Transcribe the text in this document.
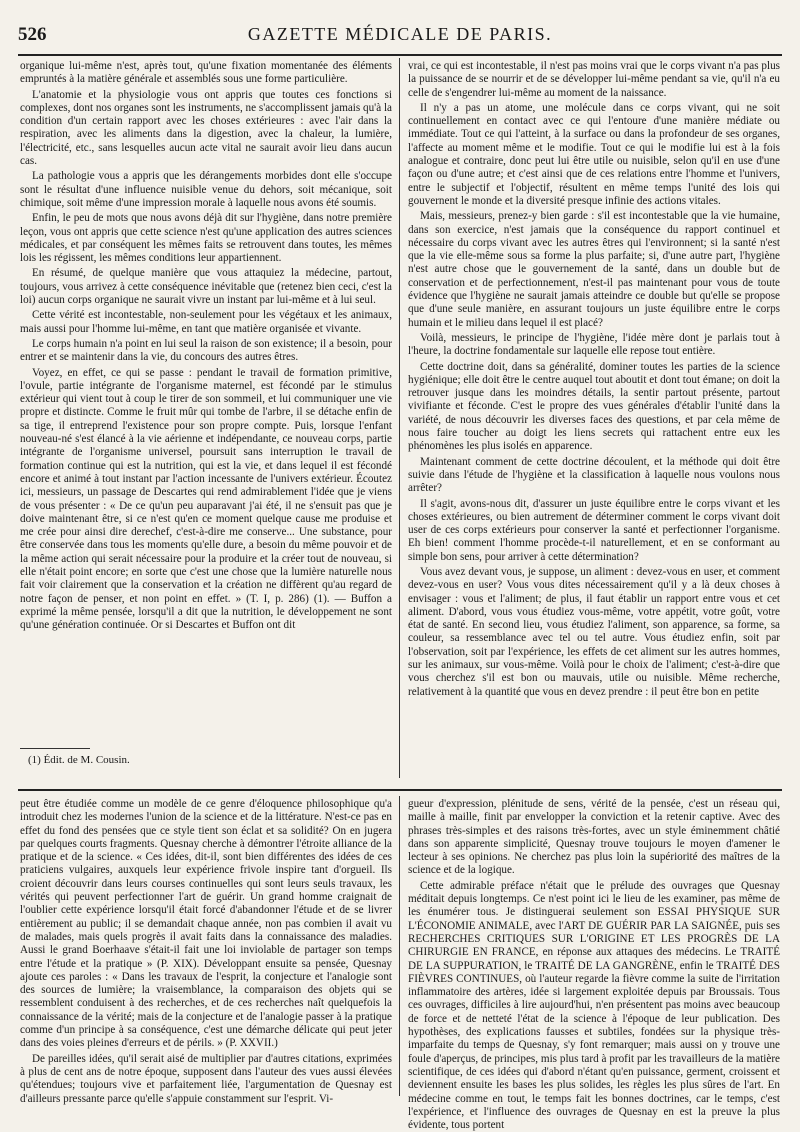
526	GAZETTE MÉDICALE DE PARIS.

organique lui-même n'est, après tout, qu'une fixation momentanée des éléments empruntés à la matière générale et assemblés sous une forme particulière.

L'anatomie et la physiologie vous ont appris que toutes ces fonctions si complexes, dont nos organes sont les instruments, ne s'accomplissent jamais qu'à la condition d'un certain rapport avec les choses extérieures : avec l'air dans la respiration, avec les aliments dans la digestion, avec la chaleur, la lumière, l'électricité, etc., sans lesquelles aucun acte vital ne saurait avoir lieu dans aucun cas.

La pathologie vous a appris que les dérangements morbides dont elle s'occupe sont le résultat d'une influence nuisible venue du dehors, soit mécanique, soit chimique, soit même d'une impression morale à laquelle nous avons été soumis.

Enfin, le peu de mots que nous avons déjà dit sur l'hygiène, dans notre première leçon, vous ont appris que cette science n'est qu'une application des autres sciences médicales, et par conséquent les mêmes faits se retrouvent dans toutes, les mêmes lois les régissent, les mêmes conditions leur appartiennent.

En résumé, de quelque manière que vous attaquiez la médecine, partout, toujours, vous arrivez à cette conséquence inévitable que (retenez bien ceci, c'est la loi) aucun corps organique ne saurait vivre un instant par lui-même et à lui seul.

Cette vérité est incontestable, non-seulement pour les végétaux et les animaux, mais aussi pour l'homme lui-même, en tant que matière organisée et vivante.

Le corps humain n'a point en lui seul la raison de son existence; il a besoin, pour entrer et se maintenir dans la vie, du concours des autres êtres.

Voyez, en effet, ce qui se passe : pendant le travail de formation primitive, l'ovule, partie intégrante de l'organisme maternel, est fécondé par le stimulus extérieur qui vient tout à coup le tirer de son sommeil, et lui communiquer une vie propre et distincte. Comme le fruit mûr qui tombe de l'arbre, il se détache enfin de sa tige, il entreprend l'existence pour son propre compte. Puis, lorsque l'enfant nouveau-né s'est élancé à la vie aérienne et indépendante, ce nouveau corps, partie intégrante de l'organisme universel, poursuit sans interruption le travail de formation continue qui est la nutrition, qui est la vie, et dans lequel il est fécondé encore et animé à tout instant par l'action incessante de l'univers extérieur. Écoutez ici, messieurs, un passage de Descartes qui rend admirablement l'idée que je viens de vous présenter : « De ce qu'un peu auparavant j'ai été, il ne s'ensuit pas que je doive maintenant être, si ce n'est qu'en ce moment quelque cause me produise et me crée pour ainsi dire derechef, c'est-à-dire me conserve... Une substance, pour être conservée dans tous les moments qu'elle dure, a besoin du même pouvoir et de la même action qui serait nécessaire pour la produire et la créer tout de nouveau, si elle n'était point encore; en sorte que c'est une chose que la lumière naturelle nous fait voir clairement que la conservation et la création ne diffèrent qu'au regard de notre façon de penser, et non point en effet. » (T. I, p. 286) (1). — Buffon a exprimé la même pensée, lorsqu'il a dit que la nutrition, le développement ne sont qu'une génération continuée. Or si Descartes et Buffon ont dit

(1) Édit. de M. Cousin.

vrai, ce qui est incontestable, il n'est pas moins vrai que le corps vivant n'a pas plus la puissance de se nourrir et de se développer lui-même pendant sa vie, qu'il n'a eu celle de s'engendrer lui-même au moment de la naissance.

Il n'y a pas un atome, une molécule dans ce corps vivant, qui ne soit continuellement en contact avec ce qui l'entoure d'une manière médiate ou immédiate. Tout ce qui l'atteint, à la surface ou dans la profondeur de ses organes, l'affecte au moment même et le modifie. Tout ce qui le modifie lui est à la fois analogue et contraire, donc peut lui être utile ou nuisible, selon qu'il en use d'une façon ou d'une autre; et c'est ainsi que de ces relations entre l'homme et l'univers, entre le subjectif et l'objectif, résultent en même temps l'unité des lois qui gouvernent le monde et la diversité presque infinie des actions vitales.

Mais, messieurs, prenez-y bien garde : s'il est incontestable que la vie humaine, dans son exercice, n'est jamais que la conséquence du rapport continuel et nécessaire du corps vivant avec les autres êtres qui l'environnent; si la santé n'est que la vie elle-même sous sa forme la plus parfaite; si, d'une autre part, l'hygiène n'est autre chose que le gouvernement de la santé, dans un double but de conservation et de perfectionnement, n'est-il pas maintenant pour vous de toute évidence que l'hygiène ne saurait jamais atteindre ce double but qu'elle se propose que d'une seule manière, en assurant toujours un juste équilibre entre le corps humain et le milieu dans lequel il est placé?

Voilà, messieurs, le principe de l'hygiène, l'idée mère dont je parlais tout à l'heure, la doctrine fondamentale sur laquelle elle repose tout entière.

Cette doctrine doit, dans sa généralité, dominer toutes les parties de la science hygiénique; elle doit être le centre auquel tout aboutit et dont tout émane; on doit la retrouver jusque dans les moindres détails, la sentir partout présente, partout vivifiante et féconde. C'est le propre des vues générales d'établir l'unité dans la variété, de nous découvrir les diverses faces des questions, et par cela même de nous faire toucher au doigt les liens secrets qui rattachent entre eux les phénomènes les plus isolés en apparence.

Maintenant comment de cette doctrine découlent, et la méthode qui doit être suivie dans l'étude de l'hygiène et la classification à laquelle nous voulons nous arrêter?

Il s'agit, avons-nous dit, d'assurer un juste équilibre entre le corps vivant et les choses extérieures, ou bien autrement de déterminer comment le corps vivant doit user de ces corps extérieurs pour conserver la santé et perfectionner l'organisme. Eh bien! comment l'homme procède-t-il naturellement, et en se conformant au simple bon sens, pour arriver à cette détermination?

Vous avez devant vous, je suppose, un aliment : devez-vous en user, et comment devez-vous en user? Vous vous dites nécessairement qu'il y a là deux choses à envisager : vous et l'aliment; de plus, il faut établir un rapport entre vous et cet aliment. D'abord, vous vous étudiez vous-même, votre appétit, votre goût, votre état de santé. En second lieu, vous étudiez l'aliment, son apparence, sa forme, sa couleur, sa ressemblance avec tel ou tel autre. Vous étudiez enfin, soit par l'observation, soit par l'expérience, les effets de cet aliment sur les autres hommes, sur les animaux, sur vous-même. Voilà pour le choix de l'aliment; c'est-à-dire que vous cherchez s'il est bon ou mauvais, utile ou nuisible. Même recherche, relativement à la quantité que vous en devez prendre : il peut être bon en petite

peut être étudiée comme un modèle de ce genre d'éloquence philosophique qu'a introduit chez les modernes l'union de la science et de la littérature. N'est-ce pas en effet du fond des pensées que ce style tient son éclat et sa solidité? On en jugera par quelques courts fragments. Quesnay cherche à démontrer l'étroite alliance de la pratique et de la science. « Ces idées, dit-il, sont bien différentes des idées de ces praticiens vulgaires, auxquels leur expérience frivole inspire tant d'orgueil. Ils croient découvrir dans leurs courses continuelles qui sont leurs seuls travaux, les vérités qui peuvent perfectionner l'art de guérir. Un grand homme craignait de l'oublier cette expérience lorsqu'il était forcé d'abandonner l'étude et de se livrer entièrement au public; il se demandait chaque année, non pas combien il avait vu de malades, mais quels progrès il avait faits dans la connaissance des maladies. Aussi le grand Boerhaave s'était-il fait une loi inviolable de partager son temps entre l'étude et la pratique » (P. XIX). Développant ensuite sa pensée, Quesnay ajoute ces paroles : « Dans les travaux de l'esprit, la conjecture et l'analogie sont des sources de lumière; la vraisemblance, la comparaison des objets qui se ressemblent conduisent à des recherches, et de ces recherches naît quelquefois la connaissance de la vérité; mais de la conjecture et de l'analogie passer à la pratique comme d'un principe à sa conséquence, c'est une démarche délicate qui peut jeter dans des voies pleines d'erreurs et de périls. » (P. XXVII.)

De pareilles idées, qu'il serait aisé de multiplier par d'autres citations, exprimées à plus de cent ans de notre époque, supposent dans l'auteur des vues aussi élevées qu'étendues; toujours vive et parfaitement liée, l'argumentation de Quesnay est d'ailleurs pressante parce qu'elle s'appuie constamment sur l'esprit. Vi-

gueur d'expression, plénitude de sens, vérité de la pensée, c'est un réseau qui, maille à maille, finit par envelopper la conviction et la retenir captive. Avec des phrases très-simples et des raisons très-fortes, avec un style éminemment châtié dans son apparente simplicité, Quesnay trouve toujours le moyen d'amener le lecteur à ses opinions. Ne cherchez pas plus loin la supériorité des maîtres de la science et de la logique.

Cette admirable préface n'était que le prélude des ouvrages que Quesnay méditait depuis longtemps. Ce n'est point ici le lieu de les examiner, pas même de les énumérer tous. Je distinguerai seulement son ESSAI PHYSIQUE SUR L'ÉCONOMIE ANIMALE, avec l'ART DE GUÉRIR PAR LA SAIGNÉE, puis ses RECHERCHES CRITIQUES SUR L'ORIGINE ET LES PROGRÈS DE LA CHIRURGIE EN FRANCE, en réponse aux attaques des médecins. Le TRAITÉ DE LA SUPPURATION, le TRAITÉ DE LA GANGRÈNE, enfin le TRAITÉ DES FIÈVRES CONTINUES, où l'auteur regarde la fièvre comme la suite de l'irritation inflammatoire des artères, idée si largement exploitée depuis par Broussais. Tous ces ouvrages, difficiles à lire aujourd'hui, n'en présentent pas moins avec beaucoup de force et de netteté l'état de la science à l'époque de leur publication. Des hypothèses, des explications fausses et subtiles, fondées sur la physique très-imparfaite du temps de Quesnay, s'y font remarquer; mais aussi on y trouve une foule d'aperçus, de principes, mis plus tard à profit par les travailleurs de la matière scientifique, de ces idées qui d'abord n'étant qu'en puissance, germent, croissent et deviennent ensuite les bases les plus solides, les règles les plus sûres de l'art. En médecine comme en tout, le temps fait les bonnes doctrines, car le temps, c'est l'expérience, et l'influence des ouvrages de Quesnay en est la preuve la plus évidente, tous portent
